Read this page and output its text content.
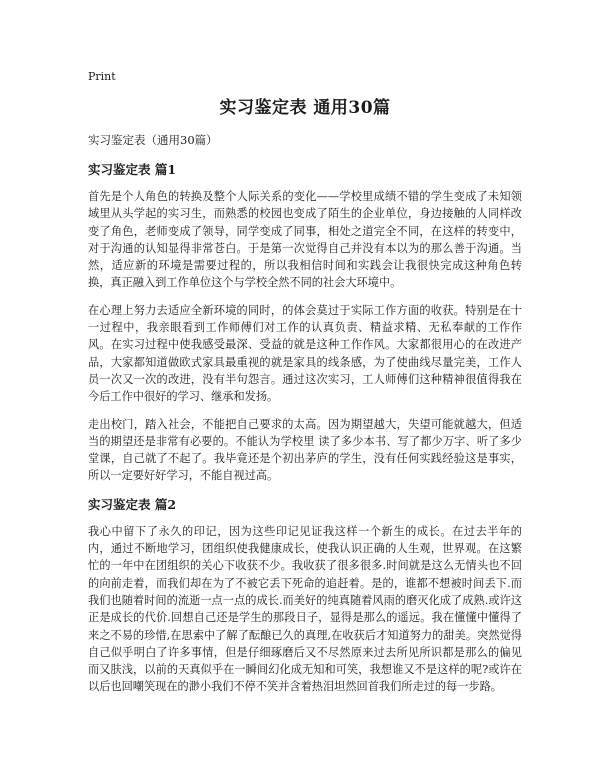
Print
实习鉴定表 通用30篇
实习鉴定表（通用30篇）
实习鉴定表 篇1

首先是个人角色的转换及整个人际关系的变化——学校里成绩不错的学生变成了未知领域里从头学起的实习生，而熟悉的校园也变成了陌生的企业单位，身边接触的人同样改变了角色，老师变成了领导，同学变成了同事，相处之道完全不同，在这样的转变中，对于沟通的认知显得非常苍白。于是第一次觉得自己并没有本以为的那么善于沟通。当然，适应新的环境是需要过程的，所以我相信时间和实践会让我很快完成这种角色转换，真正融入到工作单位这个与学校全然不同的社会大环境中。

在心理上努力去适应全新环境的同时，的体会莫过于实际工作方面的收获。特别是在十一过程中，我亲眼看到工作师傅们对工作的认真负责、精益求精、无私奉献的工作作风。在实习过程中使我感受最深、受益的就是这种工作作风。大家都很用心的在改进产品，大家都知道做欧式家具最重视的就是家具的线条感，为了使曲线尽量完美，工作人员一次又一次的改进，没有半句怨言。通过这次实习，工人师傅们这种精神很值得我在今后工作中很好的学习、继承和发扬。

走出校门，踏入社会，不能把自己要求的太高。因为期望越大，失望可能就越大，但适当的期望还是非常有必要的。不能认为学校里 读了多少本书、写了都少万字、听了多少堂课，自己就了不起了。我毕竟还是个初出茅庐的学生，没有任何实践经验这是事实，所以一定要好好学习，不能自视过高。

实习鉴定表 篇2

我心中留下了永久的印记，因为这些印记见证我这样一个新生的成长。在过去半年的内，通过不断地学习，团组织使我健康成长，使我认识正确的人生观，世界观。在这繁忙的一年中在团组织的关心下收获不少。我收获了很多很多.时间就是这么无情头也不回的向前走着，而我们却在为了不被它丢下死命的追赶着。是的，谁都不想被时间丢下.而我们也随着时间的流逝一点一点的成长.而美好的纯真随着风雨的磨灭化成了成熟.或许这正是成长的代价.回想自己还是学生的那段日子，显得是那么的遥远。我在懂懂中懂得了来之不易的珍惜,在思索中了解了酝酿已久的真理,在收获后才知道努力的甜美。突然觉得自己似乎明白了许多事情，但是仔细琢磨后又不尽然原来过去所见所识都是那么的偏见而又肤浅，以前的天真似乎在一瞬间幻化成无知和可笑，我想谁又不是这样的呢?或许在以后也回嘲笑现在的渺小我们不停不笑并含着热泪坦然回首我们所走过的每一步路。
